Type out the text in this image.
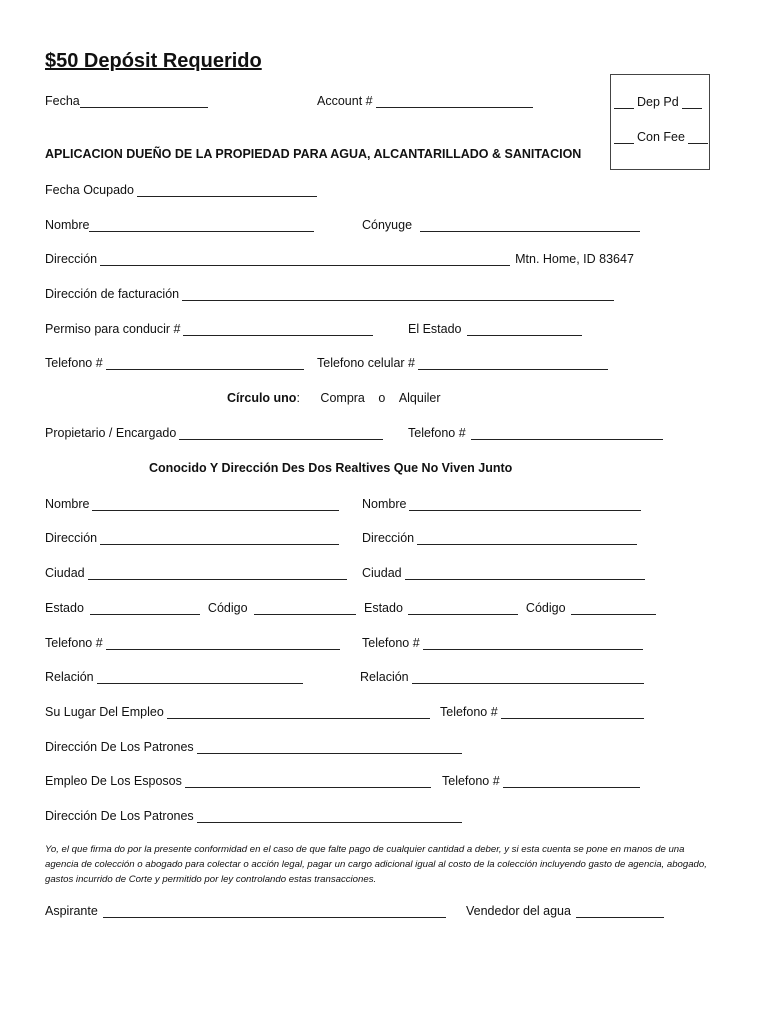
$50 Depósit Requerido
Fecha	Account #	Dep Pd
Con Fee
APLICACION DUEÑO DE LA PROPIEDAD PARA AGUA, ALCANTARILLADO & SANITACION
Fecha Ocupado
Nombre	Cónyuge
Dirección	Mtn. Home, ID 83647
Dirección de facturación
Permiso para conducir #	El Estado
Telefono #	Telefono celular #
Círculo uno: Compra o Alquiler
Propietario / Encargado	Telefono #
Conocido Y Dirección Des Dos Realtives Que No Viven Junto
Nombre	Nombre
Dirección	Dirección
Ciudad	Ciudad
Estado	Código	Estado	Código
Telefono #	Telefono #
Relación	Relación
Su Lugar Del Empleo	Telefono #
Dirección De Los Patrones
Empleo De Los Esposos	Telefono #
Dirección De Los Patrones
Yo, el que firma do por la presente conformidad en el caso de que falte pago de cualquier cantidad a deber, y si esta cuenta se pone en manos de una agencia de colección o abogado para colectar o acción legal, pagar un cargo adicional igual al costo de la colección incluyendo gasto de agencia, abogado, gastos incurrido de Corte y permitido por ley controlando estas transacciones.
Aspirante	Vendedor del agua
